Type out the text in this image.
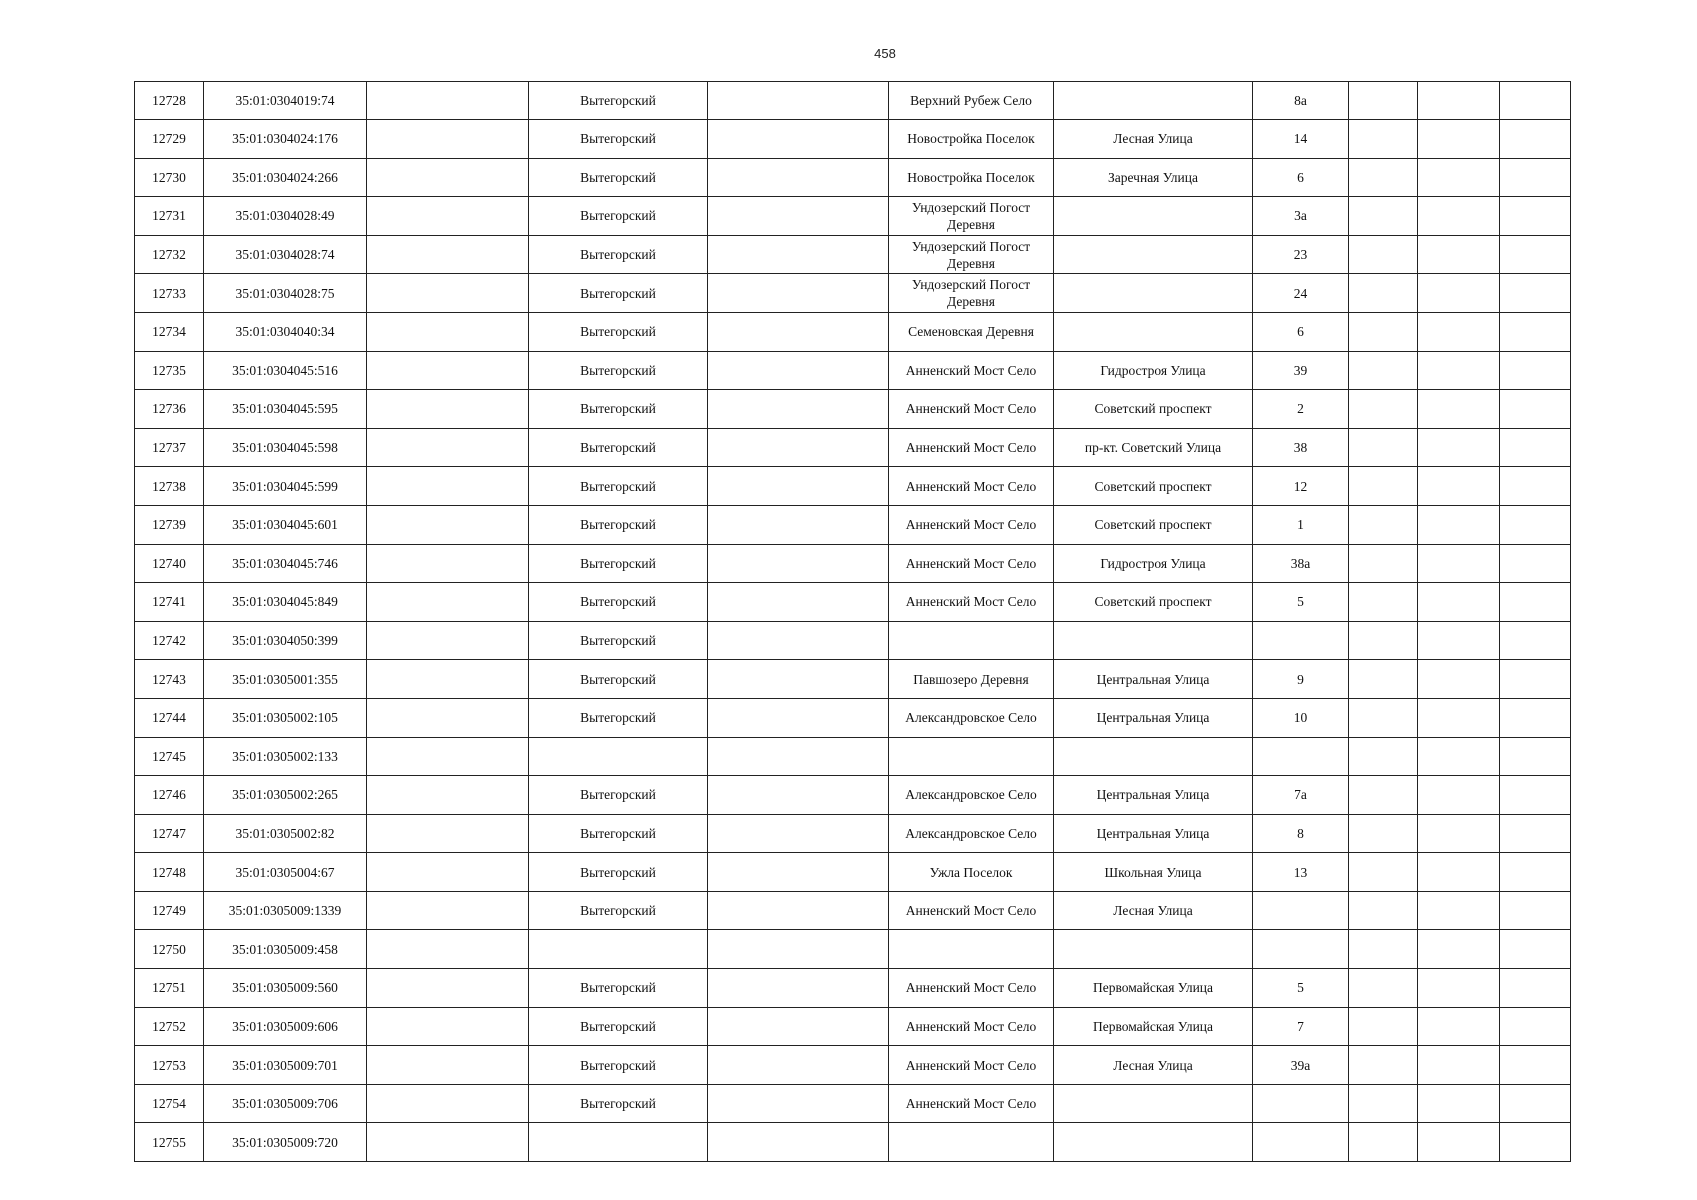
458
12728	35:01:0304019:74		Вытегорский		Верхний Рубеж Село		8а			
12729	35:01:0304024:176		Вытегорский		Новостройка Поселок	Лесная Улица	14			
12730	35:01:0304024:266		Вытегорский		Новостройка Поселок	Заречная Улица	6			
12731	35:01:0304028:49		Вытегорский		Ундозерский Погост Деревня		3а			
12732	35:01:0304028:74		Вытегорский		Ундозерский Погост Деревня		23			
12733	35:01:0304028:75		Вытегорский		Ундозерский Погост Деревня		24			
12734	35:01:0304040:34		Вытегорский		Семеновская Деревня		6			
12735	35:01:0304045:516		Вытегорский		Анненский Мост Село	Гидростроя Улица	39			
12736	35:01:0304045:595		Вытегорский		Анненский Мост Село	Советский проспект	2			
12737	35:01:0304045:598		Вытегорский		Анненский Мост Село	пр-кт. Советский Улица	38			
12738	35:01:0304045:599		Вытегорский		Анненский Мост Село	Советский проспект	12			
12739	35:01:0304045:601		Вытегорский		Анненский Мост Село	Советский проспект	1			
12740	35:01:0304045:746		Вытегорский		Анненский Мост Село	Гидростроя Улица	38а			
12741	35:01:0304045:849		Вытегорский		Анненский Мост Село	Советский проспект	5			
12742	35:01:0304050:399		Вытегорский							
12743	35:01:0305001:355		Вытегорский		Павшозеро Деревня	Центральная Улица	9			
12744	35:01:0305002:105		Вытегорский		Александровское Село	Центральная Улица	10			
12745	35:01:0305002:133									
12746	35:01:0305002:265		Вытегорский		Александровское Село	Центральная Улица	7а			
12747	35:01:0305002:82		Вытегорский		Александровское Село	Центральная Улица	8			
12748	35:01:0305004:67		Вытегорский		Ужла Поселок	Школьная Улица	13			
12749	35:01:0305009:1339		Вытегорский		Анненский Мост Село	Лесная Улица				
12750	35:01:0305009:458									
12751	35:01:0305009:560		Вытегорский		Анненский Мост Село	Первомайская Улица	5			
12752	35:01:0305009:606		Вытегорский		Анненский Мост Село	Первомайская Улица	7			
12753	35:01:0305009:701		Вытегорский		Анненский Мост Село	Лесная Улица	39а			
12754	35:01:0305009:706		Вытегорский		Анненский Мост Село					
12755	35:01:0305009:720									
